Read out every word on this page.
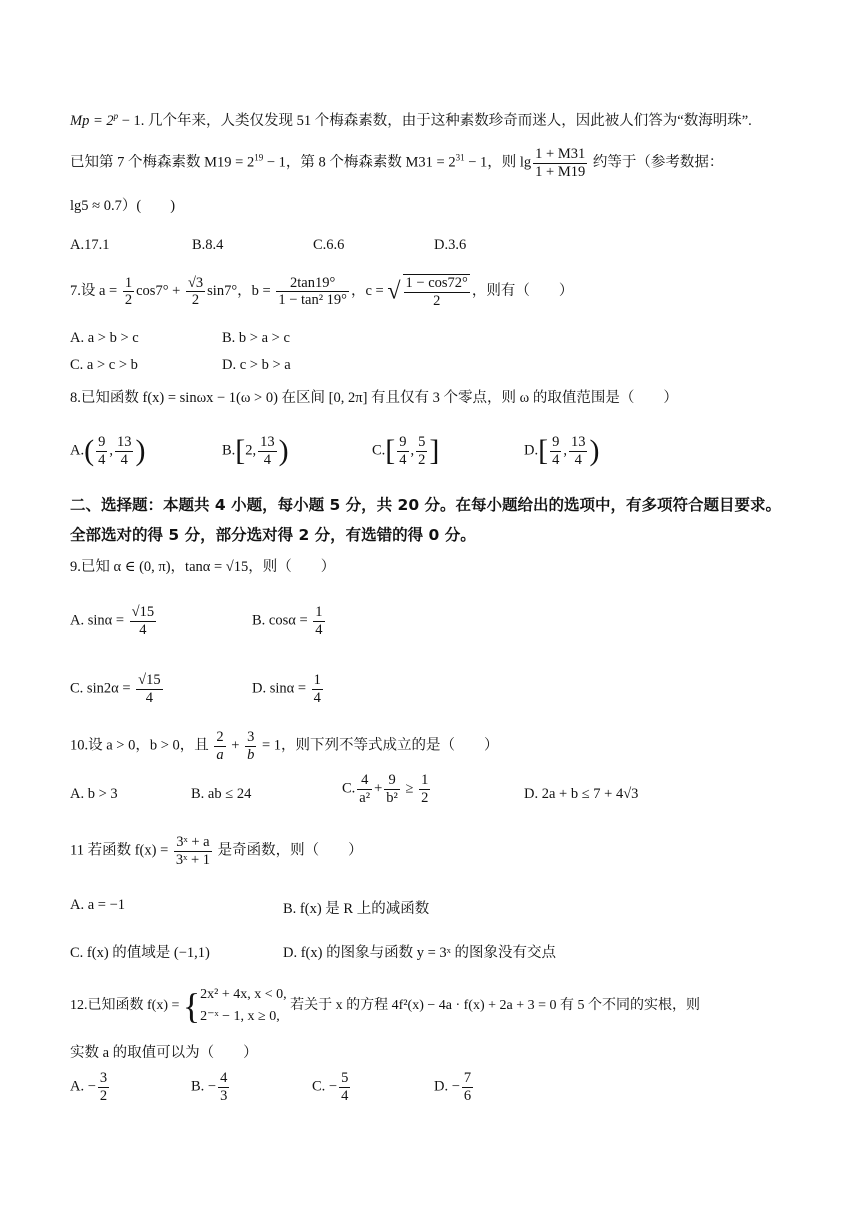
$Mp = 2^p - 1$. 几个年来，人类仅发现 51 个梅森素数，由于这种素数珍奇而迷人，因此被人们答为“数海明珠”.
已知第 7 个梅森素数 $M19 = 2^{19} - 1$，第 8 个梅森素数 $M31 = 2^{31} - 1$，则 $\lg \frac{1 + M31}{1 + M19}$ 约等于（参考数据：
lg5 ≈ 0.7）(　　)
A.17.1	B.8.4	C.6.6	D.3.6
7.设 $a = \frac{1}{2} \cos 7^\circ + \frac{√3}{2} \sin 7^\circ$，$b = \frac{2\tan 19^\circ}{\text{1 − tan² 19°}}$ ，c = √ $\frac{1 - \cos 72^\circ}{2}$ ，则有（　　）
A. a > b > c	B. b > a > c
C. a > c > b	D. c > b > a
8.已知函数 f(x) = sinωx − 1(ω > 0) 在区间 [0, 2π] 有且仅有 3 个零点，则 ω 的取值范围是（　　）
$A.( \frac{9}{4}$ , $\frac{13}{4}$ )	B.[2, $\frac{13}{4}$ )	$C.[ \frac{9}{4}$ , $\frac{5}{2}$ ]	$D.[ \frac{9}{4}$ , $\frac{13}{4}$ )
二、选择题：本题共 4 小题，每小题 5 分，共 20 分。在每小题给出的选项中，有多项符合题目要求。全部选对的得 5 分，部分选对得 2 分，有选错的得 0 分。
9.已知 α ∈ (0, π)，tanα = √15，则（　　）
A. $\sin\alpha = \frac{√15}{4}$	B. $\cos\alpha = \frac{1}{4}$
C. $\sin 2\alpha = \frac{√15}{4}$	D. $\sin\alpha = \frac{1}{4}$
10.设 a > 0，b > 0，且 $\frac{2}{a} + \frac{3}{b} = 1$，则下列不等式成立的是（　　）
A. b > 3	B. ab ≤ 24	C. $\frac{4}{\text{a²}} + \frac{9}{\text{b²}} \ge \frac{1}{2}$	D. 2a + b ≤ 7 + 4√3
11 若函数 $f(x) = \frac{\text{3ˣ + a}}{\text{3ˣ + 1}}$ 是奇函数，则（　　）
A. a = −1	B. f(x) 是 R 上的减函数
C. f(x) 的值域是 (−1,1)	D. f(x) 的图象与函数 y = 3ˣ 的图象没有交点
12.已知函数 f(x) = { 2x² + 4x, x < 0,
2⁻ˣ − 1, x ≥ 0,
若关于 x 的方程 4f²(x) − 4a · f(x) + 2a + 3 = 0 有 5 个不同的实根，则
实数 a 的取值可以为（　　）
A. − $\frac{3}{2}$	B. − $\frac{4}{3}$	C. − $\frac{5}{4}$	D. − $\frac{7}{6}$
